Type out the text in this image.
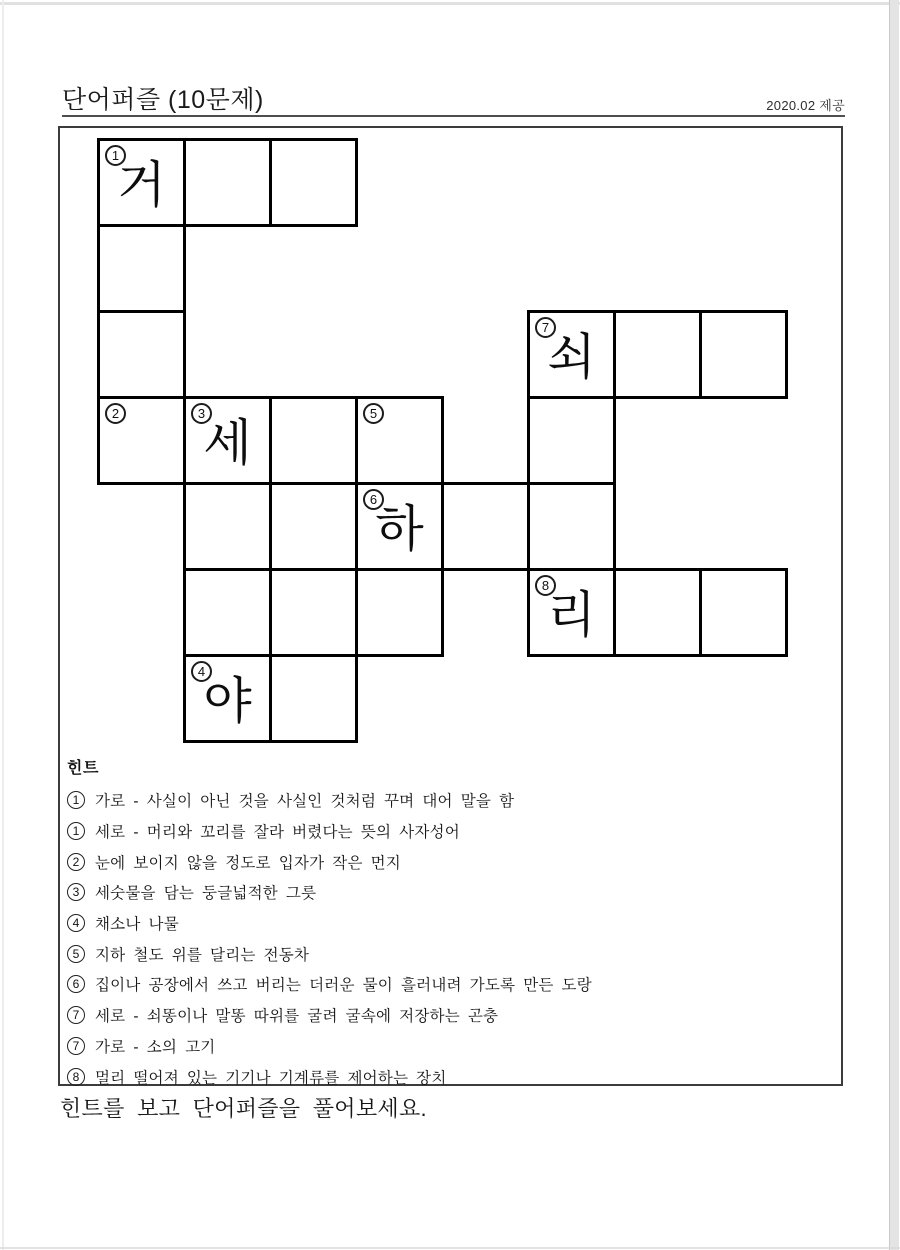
단어퍼즐 (10문제)	2020.02 제공
1
거
7
쇠
2	3
세
5
6
하
8
리
4
야
힌트
1	가로 - 사실이 아닌 것을 사실인 것처럼 꾸며 대어 말을 함
1	세로 - 머리와 꼬리를 잘라 버렸다는 뜻의 사자성어
2	눈에 보이지 않을 정도로 입자가 작은 먼지
3	세숫물을 담는 둥글넓적한 그릇
4	채소나 나물
5	지하 철도 위를 달리는 전동차
6	집이나 공장에서 쓰고 버리는 더러운 물이 흘러내려 가도록 만든 도랑
7	세로 - 쇠똥이나 말똥 따위를 굴려 굴속에 저장하는 곤충
7	가로 - 소의 고기
8	멀리 떨어져 있는 기기나 기계류를 제어하는 장치
힌트를 보고 단어퍼즐을 풀어보세요.
